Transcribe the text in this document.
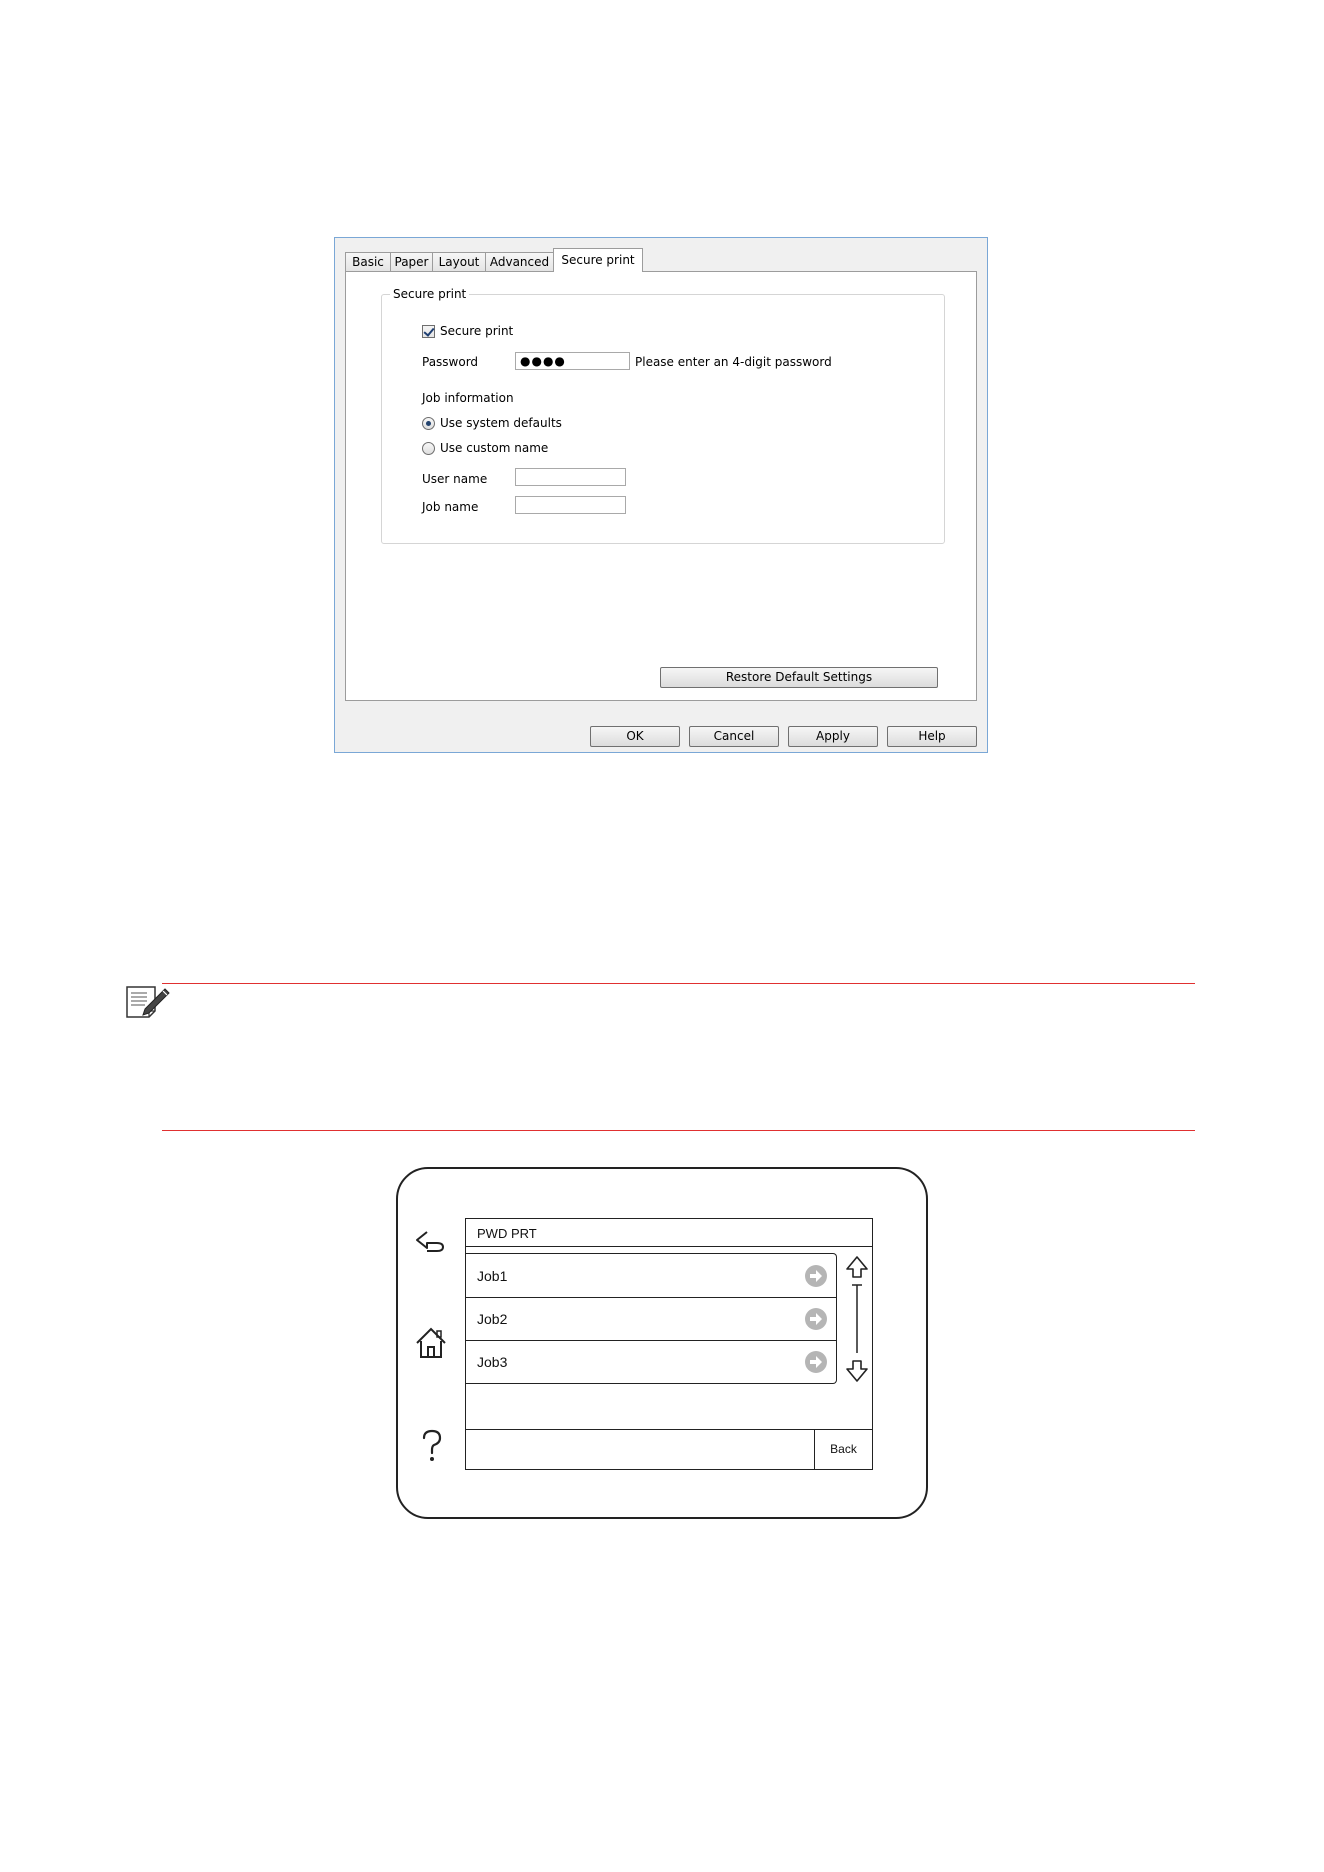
Basic Paper Layout Advanced	Secure print
Secure print
Secure print
Password	●●●●	Please enter an 4-digit password
Job information
Use system defaults
Use custom name
User name
Job name
Restore Default Settings
OK	Cancel	Apply	Help
PWD PRT
Job1
Job2
Job3
Back
